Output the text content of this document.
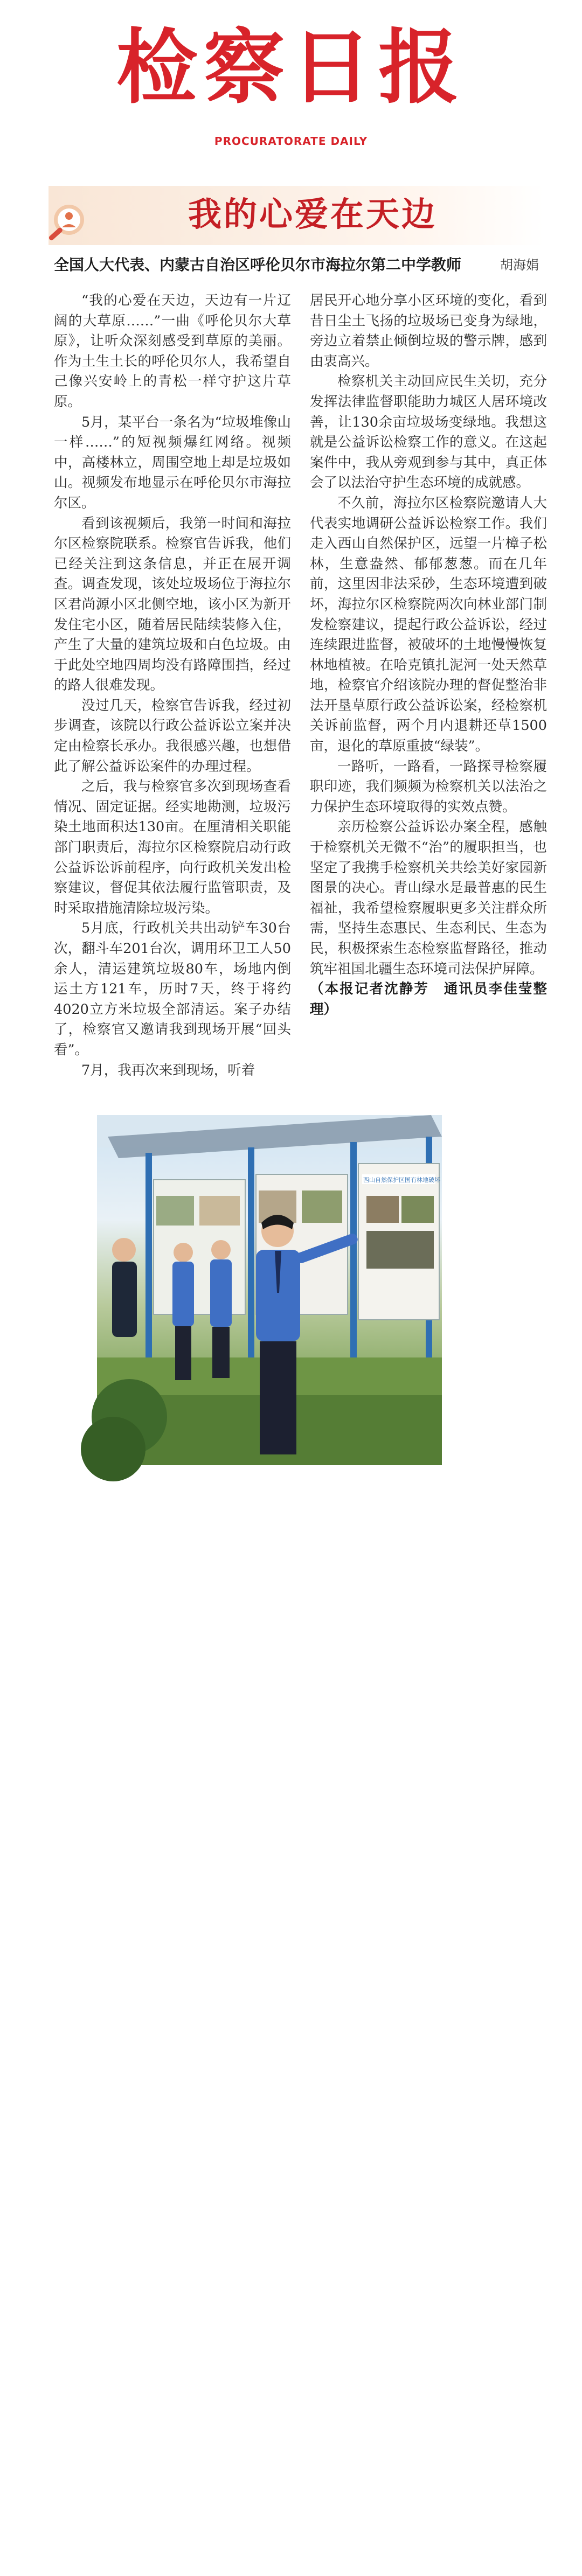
检察日报
PROCURATORATE DAILY
我的心爱在天边
全国人大代表、内蒙古自治区呼伦贝尔市海拉尔第二中学教师	胡海娟

“我的心爱在天边，天边有一片辽阔的大草原……”一曲《呼伦贝尔大草原》，让听众深刻感受到草原的美丽。作为土生土长的呼伦贝尔人，我希望自己像兴安岭上的青松一样守护这片草原。

5月，某平台一条名为“垃圾堆像山一样……”的短视频爆红网络。视频中，高楼林立，周围空地上却是垃圾如山。视频发布地显示在呼伦贝尔市海拉尔区。

看到该视频后，我第一时间和海拉尔区检察院联系。检察官告诉我，他们已经关注到这条信息，并正在展开调查。调查发现，该处垃圾场位于海拉尔区君尚源小区北侧空地，该小区为新开发住宅小区，随着居民陆续装修入住，产生了大量的建筑垃圾和白色垃圾。由于此处空地四周均没有路障围挡，经过的路人很难发现。

没过几天，检察官告诉我，经过初步调查，该院以行政公益诉讼立案并决定由检察长承办。我很感兴趣，也想借此了解公益诉讼案件的办理过程。

之后，我与检察官多次到现场查看情况、固定证据。经实地勘测，垃圾污染土地面积达130亩。在厘清相关职能部门职责后，海拉尔区检察院启动行政公益诉讼诉前程序，向行政机关发出检察建议，督促其依法履行监管职责，及时采取措施清除垃圾污染。

5月底，行政机关共出动铲车30台次，翻斗车201台次，调用环卫工人50余人，清运建筑垃圾80车，场地内倒运土方121车，历时7天，终于将约4020立方米垃圾全部清运。案子办结了，检察官又邀请我到现场开展“回头看”。

7月，我再次来到现场，听着

居民开心地分享小区环境的变化，看到昔日尘土飞扬的垃圾场已变身为绿地，旁边立着禁止倾倒垃圾的警示牌，感到由衷高兴。

检察机关主动回应民生关切，充分发挥法律监督职能助力城区人居环境改善，让130余亩垃圾场变绿地。我想这就是公益诉讼检察工作的意义。在这起案件中，我从旁观到参与其中，真正体会了以法治守护生态环境的成就感。

不久前，海拉尔区检察院邀请人大代表实地调研公益诉讼检察工作。我们走入西山自然保护区，远望一片樟子松林，生意盎然、郁郁葱葱。而在几年前，这里因非法采砂，生态环境遭到破坏，海拉尔区检察院两次向林业部门制发检察建议，提起行政公益诉讼，经过连续跟进监督，被破坏的土地慢慢恢复林地植被。在哈克镇扎泥河一处天然草地，检察官介绍该院办理的督促整治非法开垦草原行政公益诉讼案，经检察机关诉前监督，两个月内退耕还草1500亩，退化的草原重披“绿装”。

一路听，一路看，一路探寻检察履职印迹，我们频频为检察机关以法治之力保护生态环境取得的实效点赞。

亲历检察公益诉讼办案全程，感触于检察机关无微不“治”的履职担当，也坚定了我携手检察机关共绘美好家园新图景的决心。青山绿水是最普惠的民生福祉，我希望检察履职更多关注群众所需，坚持生态惠民、生态利民、生态为民，积极探索生态检察监督路径，推动筑牢祖国北疆生态环境司法保护屏障。

（本报记者沈静芳　通讯员李佳莹整理）

西山自然保护区国有林地破坏
4
